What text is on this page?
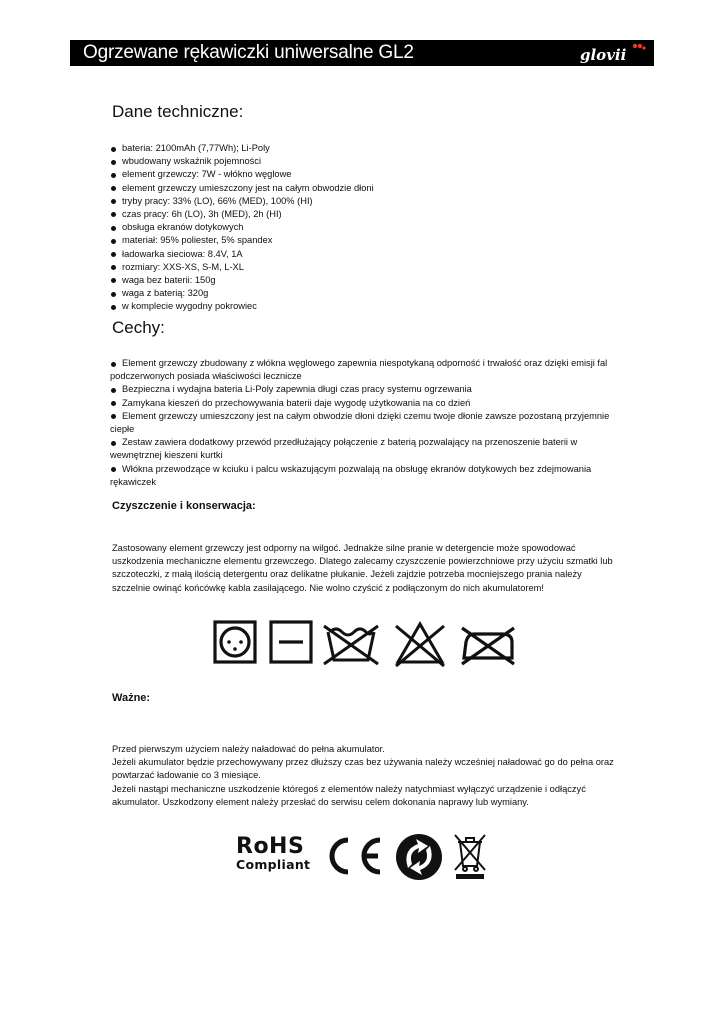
Ogrzewane rękawiczki uniwersalne GL2	glovii
Dane techniczne:
bateria: 2100mAh (7,77Wh); Li-Poly
wbudowany wskaźnik pojemności
element grzewczy: 7W - włókno węglowe
element grzewczy umieszczony jest na całym obwodzie dłoni
tryby pracy: 33% (LO), 66% (MED), 100% (HI)
czas pracy: 6h (LO), 3h (MED), 2h (HI)
obsługa ekranów dotykowych
materiał: 95% poliester, 5% spandex
ładowarka sieciowa: 8.4V, 1A
rozmiary: XXS-XS, S-M, L-XL
waga bez baterii: 150g
waga z baterią: 320g
w komplecie wygodny pokrowiec
Cechy:
Element grzewczy zbudowany z włókna węglowego zapewnia niespotykaną odporność i trwałość oraz dzięki emisji fal podczerwonych posiada właściwości lecznicze
Bezpieczna i wydajna bateria Li-Poly zapewnia długi czas pracy systemu ogrzewania
Zamykana kieszeń do przechowywania baterii daje wygodę użytkowania na co dzień
Element grzewczy umieszczony jest na całym obwodzie dłoni dzięki czemu twoje dłonie zawsze pozostaną przyjemnie ciepłe
Zestaw zawiera dodatkowy przewód przedłużający połączenie z baterią pozwalający na przenoszenie baterii w wewnętrznej kieszeni kurtki
Włókna przewodzące w kciuku i palcu wskazującym pozwalają na obsługę ekranów dotykowych bez zdejmowania rękawiczek
Czyszczenie i konserwacja:
Zastosowany element grzewczy jest odporny na wilgoć. Jednakże silne pranie w detergencie może spowodować uszkodzenia mechaniczne elementu grzewczego. Dlatego zalecamy czyszczenie powierzchniowe przy użyciu szmatki lub szczoteczki, z małą ilością detergentu oraz delikatne płukanie. Jeżeli zajdzie potrzeba mocniejszego prania należy szczelnie owinąć końcówkę kabla zasilającego. Nie wolno czyścić z podłączonym do nich akumulatorem!
Ważne:
Przed pierwszym użyciem należy naładować do pełna akumulator.
Jeżeli akumulator będzie przechowywany przez dłuższy czas bez używania należy wcześniej naładować go do pełna oraz powtarzać ładowanie co 3 miesiące.
Jeżeli nastąpi mechaniczne uszkodzenie któregoś z elementów należy natychmiast wyłączyć urządzenie i odłączyć akumulator. Uszkodzony element należy przesłać do serwisu celem dokonania naprawy lub wymiany.
RoHS
Compliant
